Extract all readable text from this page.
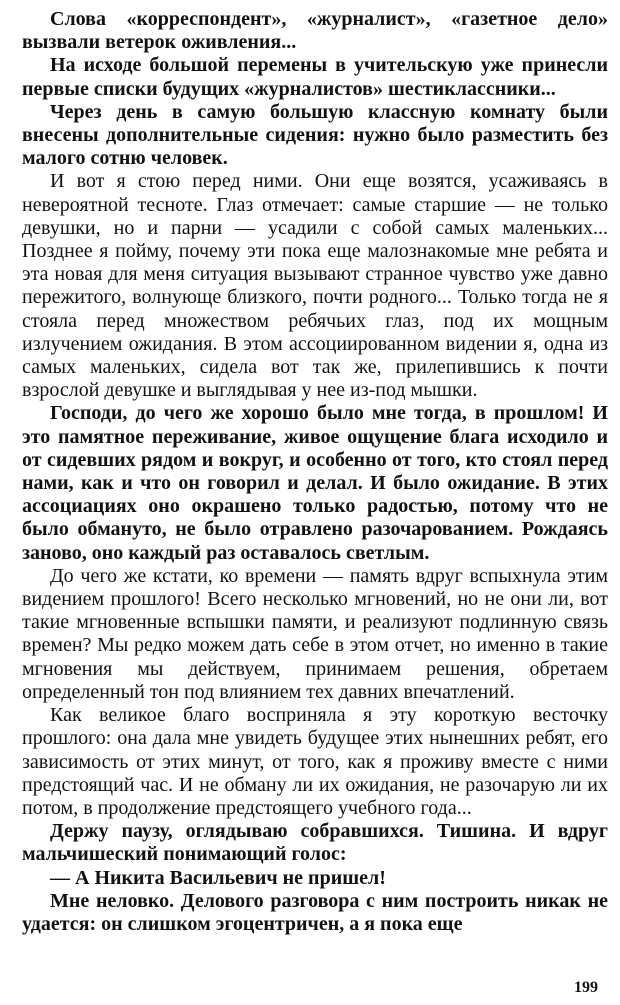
Слова «корреспондент», «журналист», «газетное дело» вызвали ветерок оживления...

На исходе большой перемены в учительскую уже принесли первые списки будущих «журналистов» шестиклассники...

Через день в самую большую классную комнату были внесены дополнительные сидения: нужно было разместить без малого сотню человек.

И вот я стою перед ними. Они еще возятся, усаживаясь в невероятной тесноте. Глаз отмечает: самые старшие — не только девушки, но и парни — усадили с собой самых маленьких... Позднее я пойму, почему эти пока еще малознакомые мне ребята и эта новая для меня ситуация вызывают странное чувство уже давно пережитого, волнующе близкого, почти родного... Только тогда не я стояла перед множеством ребячьих глаз, под их мощным излучением ожидания. В этом ассоциированном видении я, одна из самых маленьких, сидела вот так же, прилепившись к почти взрослой девушке и выглядывая у нее из-под мышки.

Господи, до чего же хорошо было мне тогда, в прошлом! И это памятное переживание, живое ощущение блага исходило и от сидевших рядом и вокруг, и особенно от того, кто стоял перед нами, как и что он говорил и делал. И было ожидание. В этих ассоциациях оно окрашено только радостью, потому что не было обмануто, не было отравлено разочарованием. Рождаясь заново, оно каждый раз оставалось светлым.

До чего же кстати, ко времени — память вдруг вспыхнула этим видением прошлого! Всего несколько мгновений, но не они ли, вот такие мгновенные вспышки памяти, и реализуют подлинную связь времен? Мы редко можем дать себе в этом отчет, но именно в такие мгновения мы действуем, принимаем решения, обретаем определенный тон под влиянием тех давних впечатлений.

Как великое благо восприняла я эту короткую весточку прошлого: она дала мне увидеть будущее этих нынешних ребят, его зависимость от этих минут, от того, как я проживу вместе с ними предстоящий час. И не обману ли их ожидания, не разочарую ли их потом, в продолжение предстоящего учебного года...

Держу паузу, оглядываю собравшихся. Тишина. И вдруг мальчишеский понимающий голос:

— А Никита Васильевич не пришел!

Мне неловко. Делового разговора с ним построить никак не удается: он слишком эгоцентричен, а я пока еще

199
